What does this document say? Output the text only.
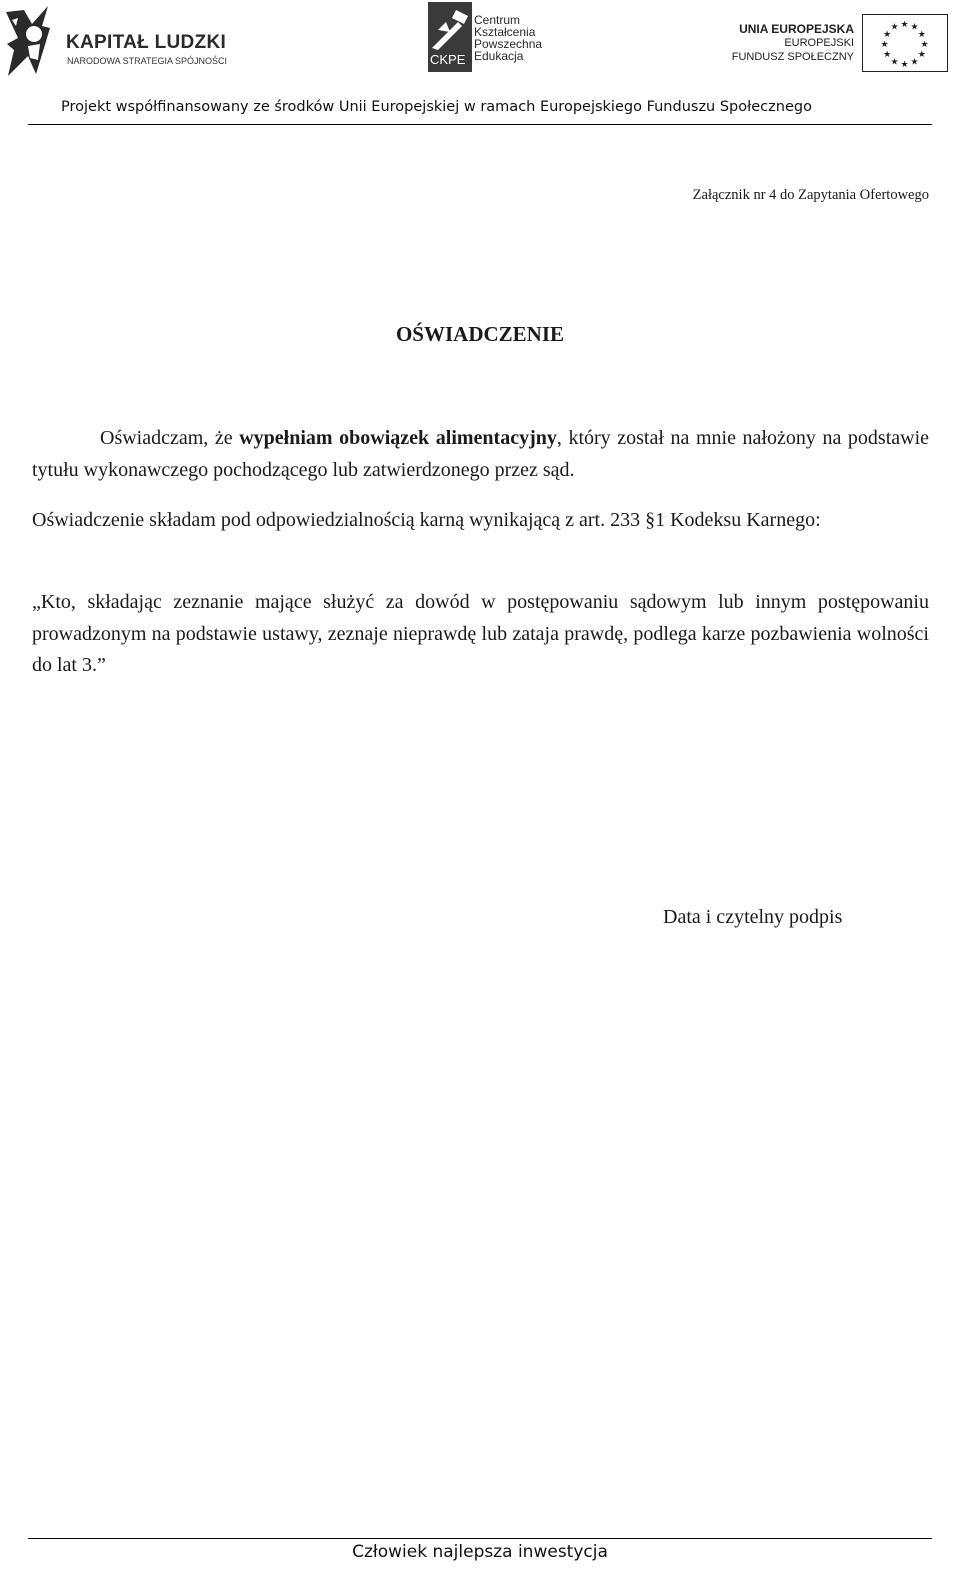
KAPITAŁ LUDZKI
NARODOWA STRATEGIA SPÓJNOŚCI	CKPE
Centrum
Kształcenia
Powszechna
Edukacja
UNIA EUROPEJSKA
EUROPEJSKI
FUNDUSZ SPOŁECZNY
★ ★
★
★
★
★
★
★
★
★
★
★
Projekt współfinansowany ze środków Unii Europejskiej w ramach Europejskiego Funduszu Społecznego
Załącznik nr 4 do Zapytania Ofertowego
OŚWIADCZENIE
Oświadczam, że wypełniam obowiązek alimentacyjny, który został na mnie nałożony na podstawie tytułu wykonawczego pochodzącego lub zatwierdzonego przez sąd.
Oświadczenie składam pod odpowiedzialnością karną wynikającą z art. 233 §1 Kodeksu Karnego:
„Kto, składając zeznanie mające służyć za dowód w postępowaniu sądowym lub innym postępowaniu prowadzonym na podstawie ustawy, zeznaje nieprawdę lub zataja prawdę, podlega karze pozbawienia wolności do lat 3.”
Data i czytelny podpis
Człowiek najlepsza inwestycja
